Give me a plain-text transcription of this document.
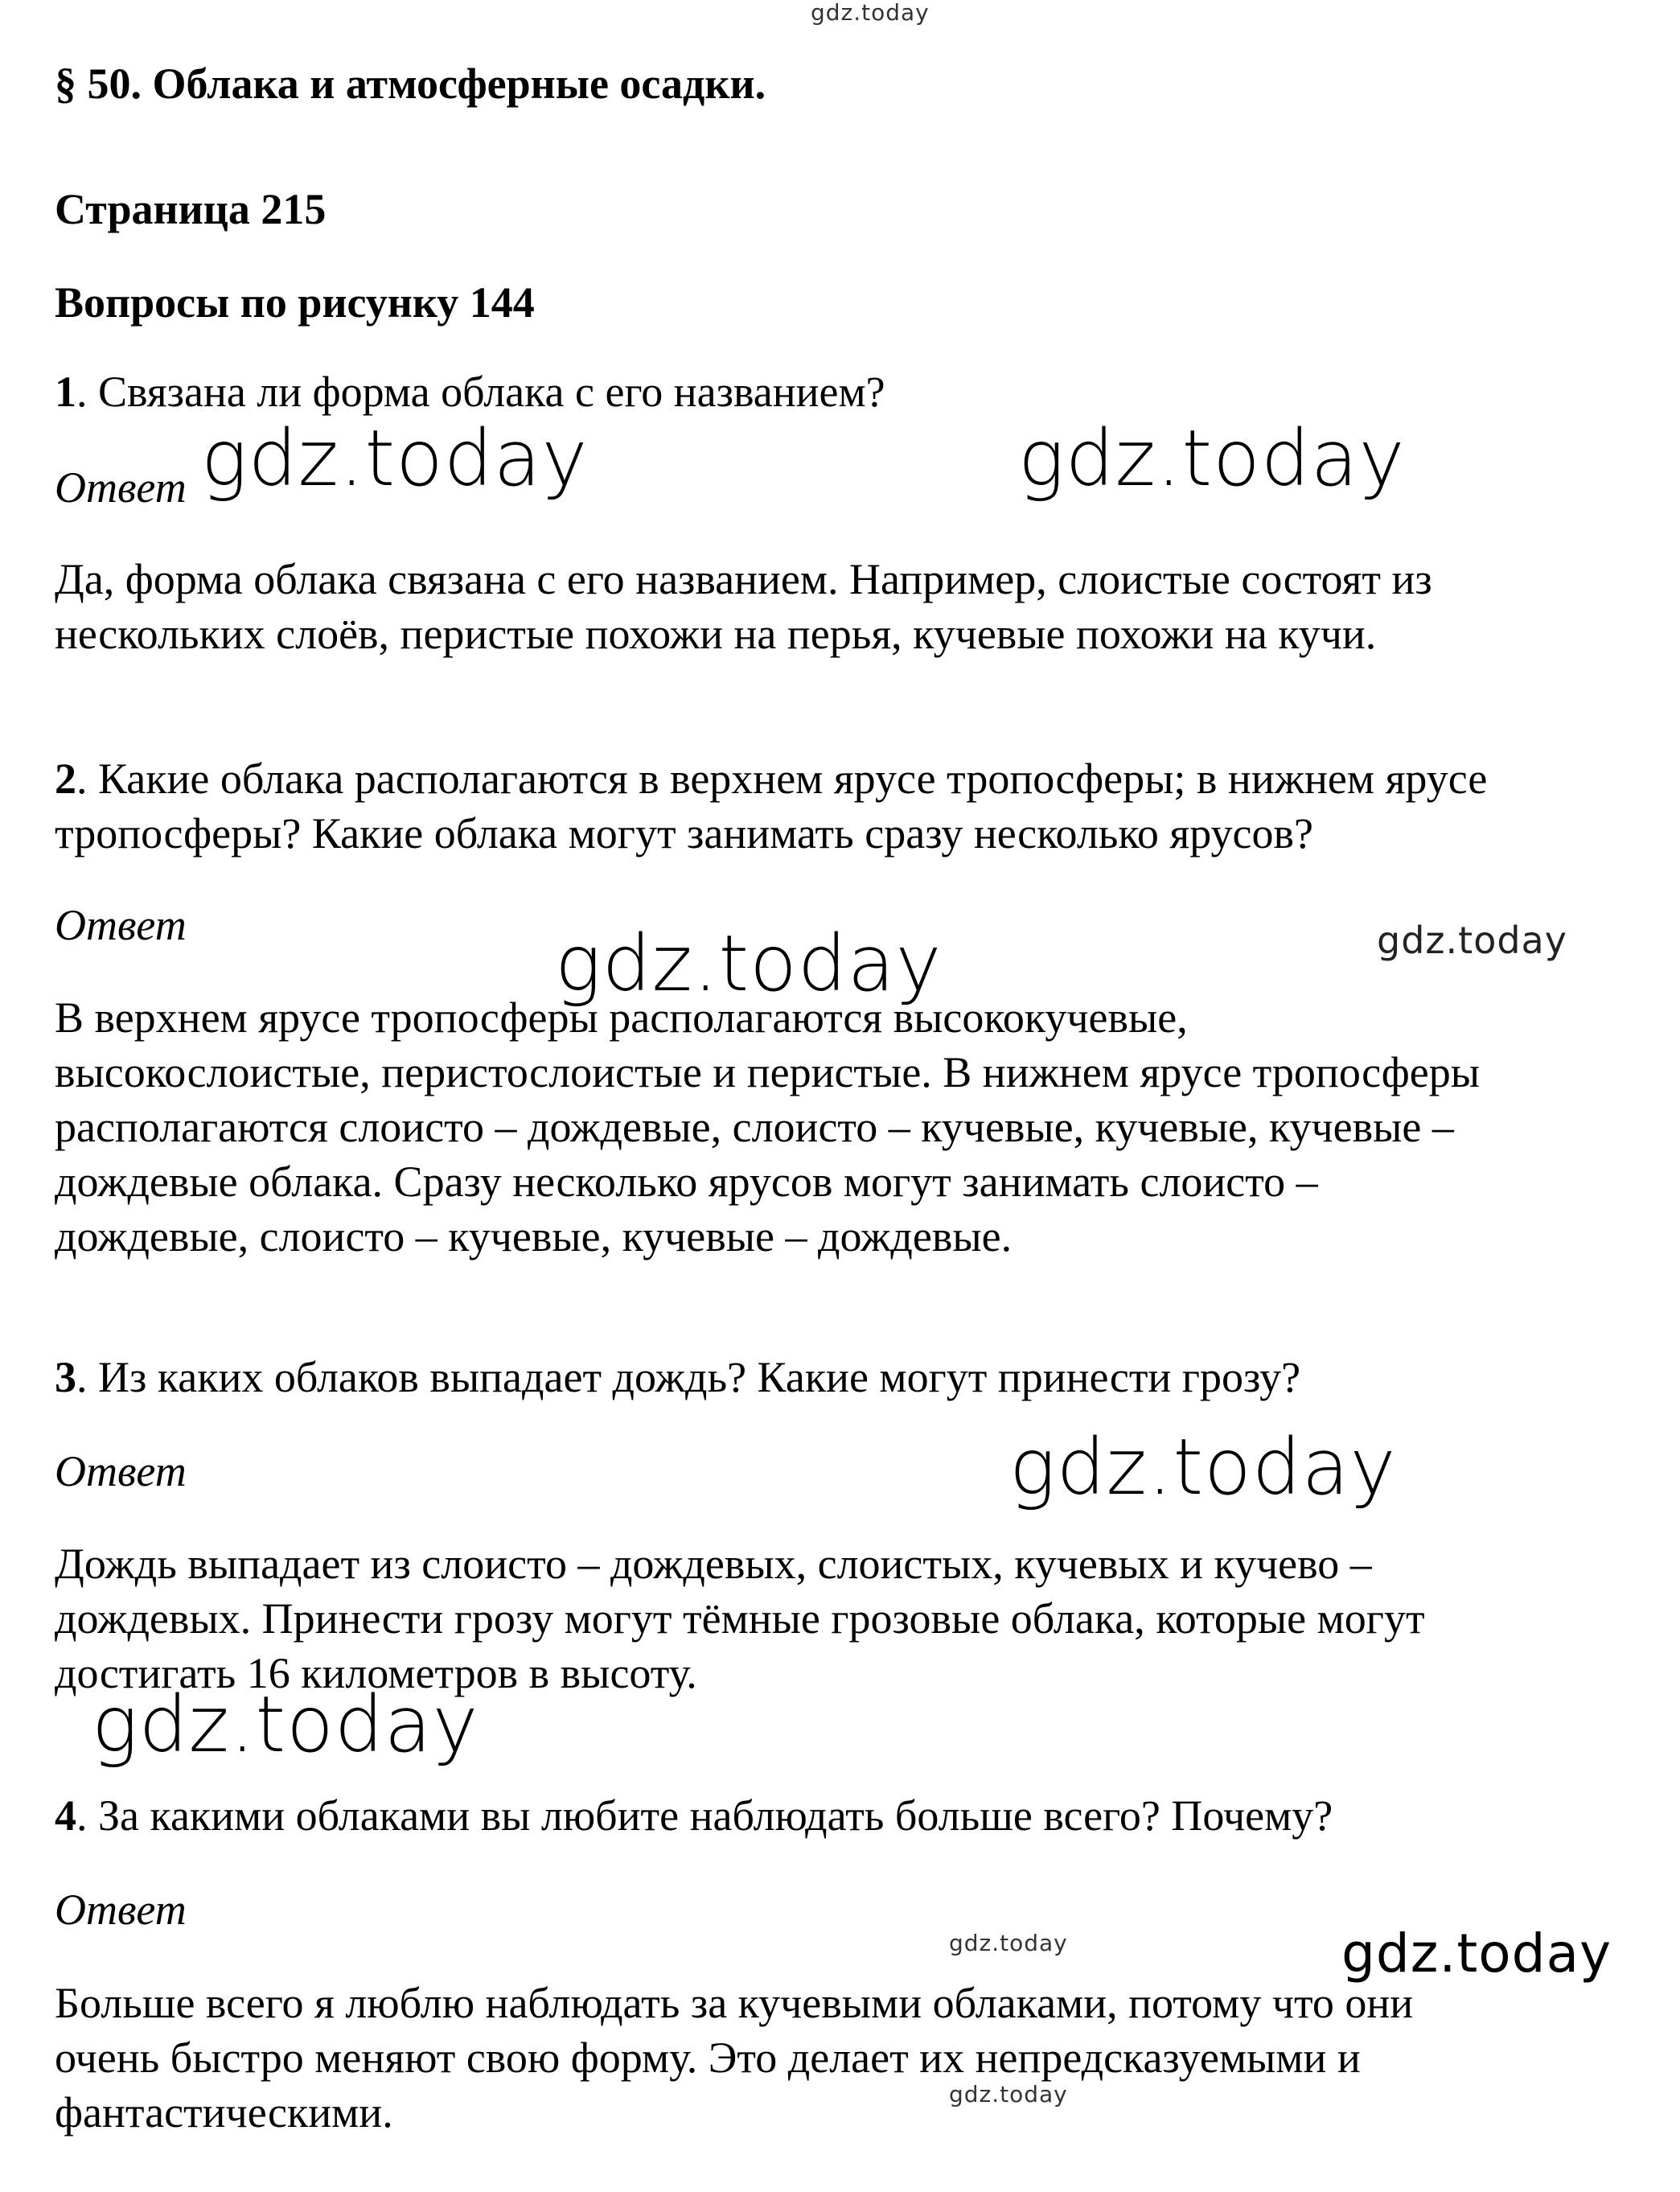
gdz.today
§ 50. Облака и атмосферные осадки.
Страница 215
Вопросы по рисунку 144
1. Связана ли форма облака с его названием?
Ответ gdz.today	gdz.today
Да, форма облака связана с его названием. Например, слоистые состоят из
нескольких слоёв, перистые похожи на перья, кучевые похожи на кучи.
2. Какие облака располагаются в верхнем ярусе тропосферы; в нижнем ярусе
тропосферы? Какие облака могут занимать сразу несколько ярусов?
Ответ	gdz.today	gdz.today
В верхнем ярусе тропосферы располагаются высококучевые,
высокослоистые, перистослоистые и перистые. В нижнем ярусе тропосферы
располагаются слоисто – дождевые, слоисто – кучевые, кучевые, кучевые –
дождевые облака. Сразу несколько ярусов могут занимать слоисто –
дождевые, слоисто – кучевые, кучевые – дождевые.
3. Из каких облаков выпадает дождь? Какие могут принести грозу?
Ответ	gdz.today
Дождь выпадает из слоисто – дождевых, слоистых, кучевых и кучево –
дождевых. Принести грозу могут тёмные грозовые облака, которые могут
достигать 16 километров в высоту.
gdz.today
4. За какими облаками вы любите наблюдать больше всего? Почему?
Ответ
gdz.today	gdz.today
Больше всего я люблю наблюдать за кучевыми облаками, потому что они
очень быстро меняют свою форму. Это делает их непредсказуемыми и
фантастическими.	gdz.today
